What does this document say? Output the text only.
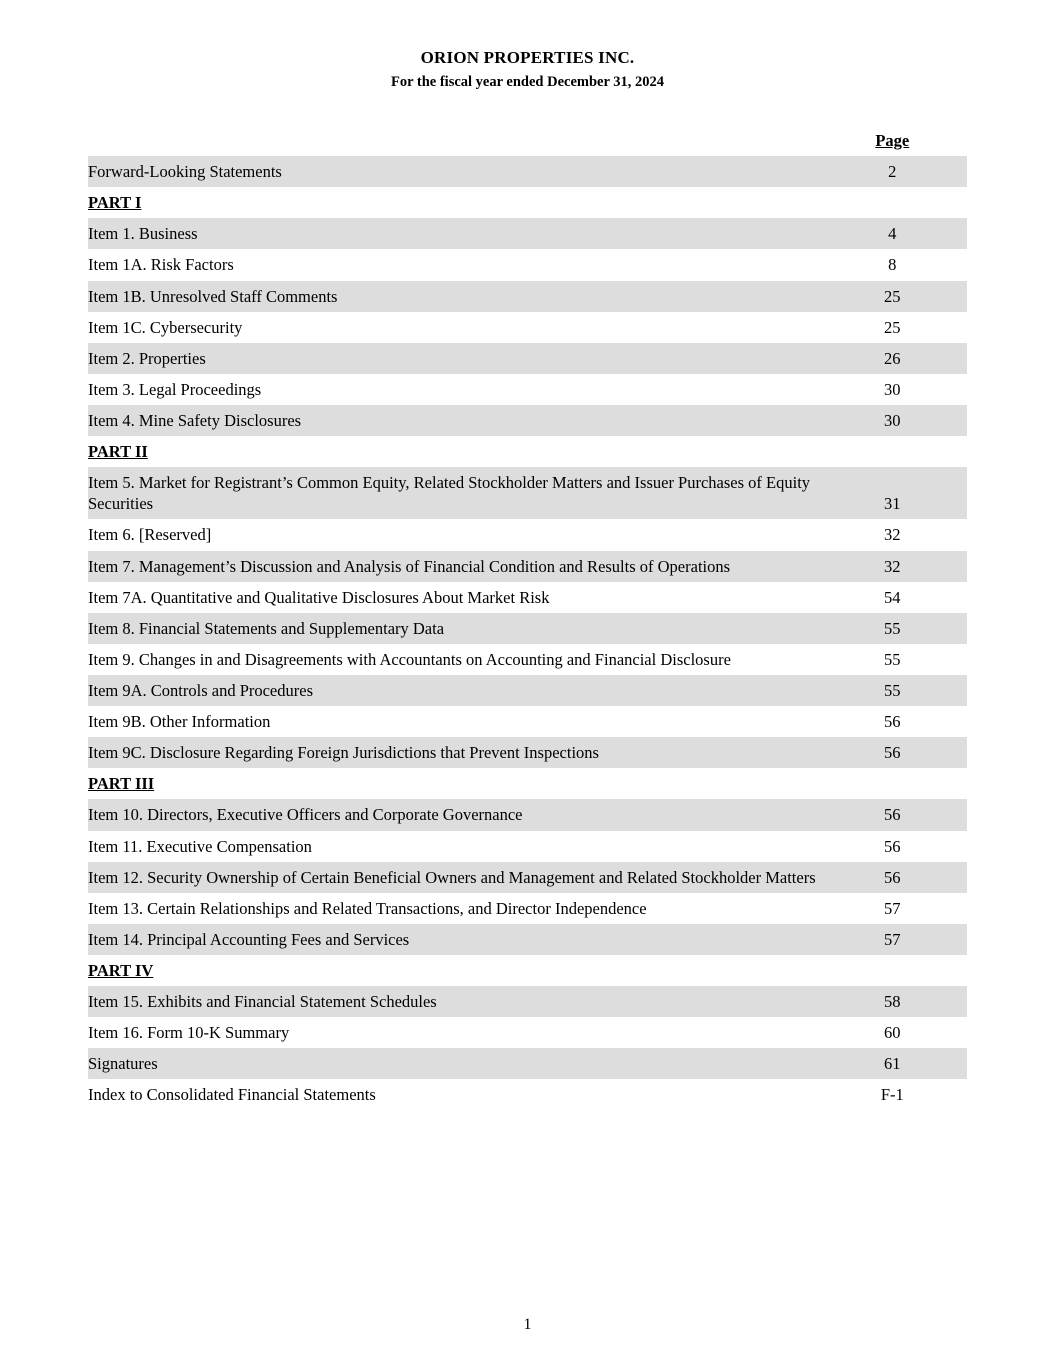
ORION PROPERTIES INC.
For the fiscal year ended December 31, 2024
	Page
Forward-Looking Statements	2
PART I	
Item 1. Business	4
Item 1A. Risk Factors	8
Item 1B. Unresolved Staff Comments	25
Item 1C. Cybersecurity	25
Item 2. Properties	26
Item 3. Legal Proceedings	30
Item 4. Mine Safety Disclosures	30
PART II	
Item 5. Market for Registrant’s Common Equity, Related Stockholder Matters and Issuer Purchases of Equity Securities	31
Item 6. [Reserved]	32
Item 7. Management’s Discussion and Analysis of Financial Condition and Results of Operations	32
Item 7A. Quantitative and Qualitative Disclosures About Market Risk	54
Item 8. Financial Statements and Supplementary Data	55
Item 9. Changes in and Disagreements with Accountants on Accounting and Financial Disclosure	55
Item 9A. Controls and Procedures	55
Item 9B. Other Information	56
Item 9C. Disclosure Regarding Foreign Jurisdictions that Prevent Inspections	56
PART III	
Item 10. Directors, Executive Officers and Corporate Governance	56
Item 11. Executive Compensation	56
Item 12. Security Ownership of Certain Beneficial Owners and Management and Related Stockholder Matters	56
Item 13. Certain Relationships and Related Transactions, and Director Independence	57
Item 14. Principal Accounting Fees and Services	57
PART IV	
Item 15. Exhibits and Financial Statement Schedules	58
Item 16. Form 10-K Summary	60
Signatures	61
Index to Consolidated Financial Statements	F-1
1
